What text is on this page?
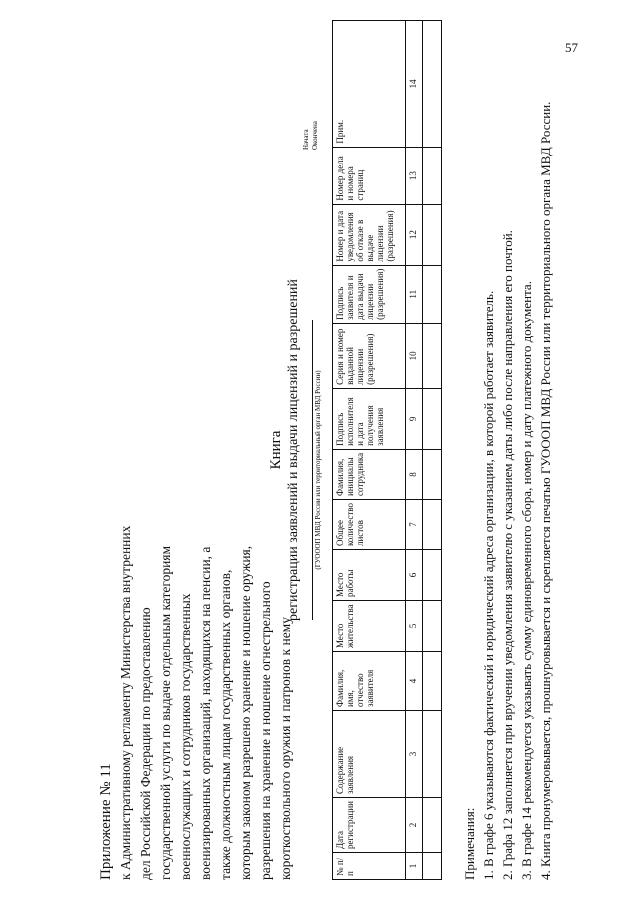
57
Приложение № 11 к Административному регламенту Министерства внутренних дел Российской Федерации по предоставлению государственной услуги по выдаче отдельным категориям военнослужащих и сотрудников государственных военизированных организаций, находящихся на пенсии, а также должностным лицам государственных органов, которым законом разрешено хранение и ношение оружия, разрешения на хранение и ношение огнестрельного короткоствольного оружия и патронов к нему
Книга регистрации заявлений и выдачи лицензий и разрешений (ГУОООП МВД России или территориальный орган МВД России)
Начата Окончена
№ п/п	Дата регистрации	Содержание заявления	Фамилия, имя, отчество заявителя	Место жительства	Место работы	Общее количество листов	Фамилия, инициалы сотрудника	Подпись исполнителя и дата получения заявления	Серия и номер выданной лицензии (разрешения)	Подпись заявителя и дата выдачи лицензии (разрешения)	Номер и дата уведомления об отказе в выдаче лицензии (разрешения)	Номер дела и номера страниц	Прим.
1	2	3	4	5	6	7	8	9	10	11	12	13	14

Примечания: 1. В графе 6 указываются фактический и юридический адреса организации, в которой работает заявитель. 2. Графа 12 заполняется при вручении уведомления заявителю с указанием даты либо после направления его почтой. 3. В графе 14 рекомендуется указывать сумму единовременного сбора, номер и дату платежного документа. 4. Книга пронумеровывается, прошнуровывается и скрепляется печатью ГУОООП МВД России или территориального органа МВД России.
